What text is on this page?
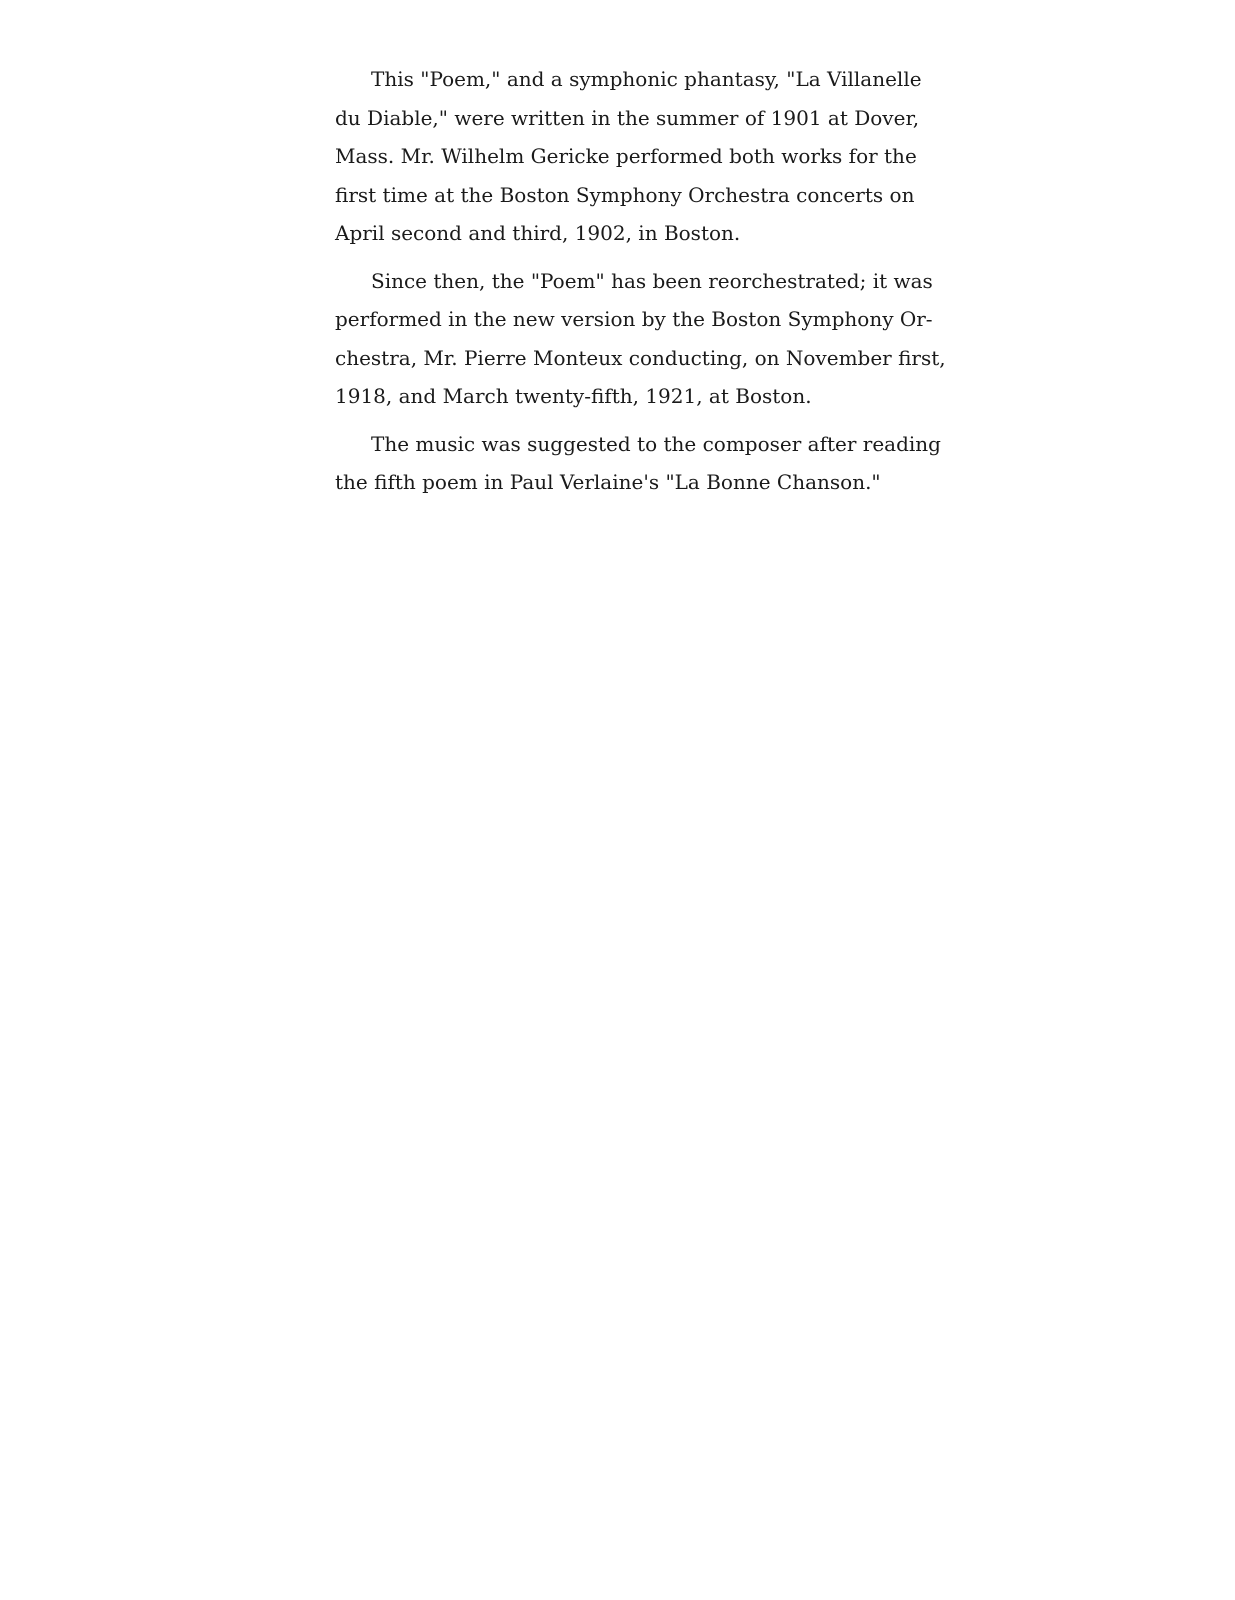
This "Poem," and a symphonic phantasy, "La Villanelle
du Diable," were written in the summer of 1901 at Dover,
Mass. Mr. Wilhelm Gericke performed both works for the
first time at the Boston Symphony Orchestra concerts on
April second and third, 1902, in Boston.

Since then, the "Poem" has been reorchestrated; it was
performed in the new version by the Boston Symphony Or-
chestra, Mr. Pierre Monteux conducting, on November first,
1918, and March twenty-fifth, 1921, at Boston.

The music was suggested to the composer after reading
the fifth poem in Paul Verlaine's "La Bonne Chanson."
